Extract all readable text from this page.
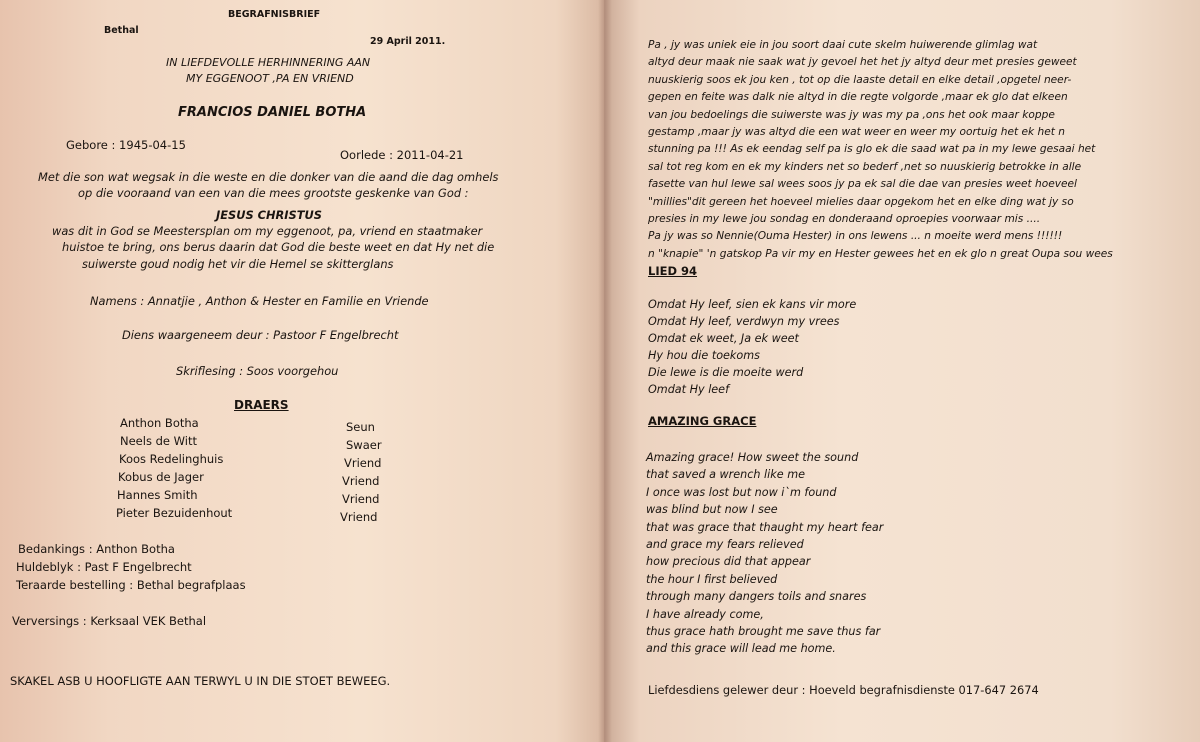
BEGRAFNISBRIEF
Bethal
29 April 2011.
IN LIEFDEVOLLE HERHINNERING AAN
MY EGGENOOT ,PA EN VRIEND
FRANCIOS DANIEL BOTHA
Gebore : 1945-04-15
Oorlede : 2011-04-21
Met die son wat wegsak in die weste en die donker van die aand die dag omhels
op die vooraand van een van die mees grootste geskenke van God :
JESUS CHRISTUS
was dit in God se Meestersplan om my eggenoot, pa, vriend en staatmaker
huistoe te bring, ons berus daarin dat God die beste weet en dat Hy net die
suiwerste goud nodig het vir die Hemel se skitterglans
Namens : Annatjie , Anthon & Hester en Familie en Vriende
Diens waargeneem deur : Pastoor F Engelbrecht
Skriflesing : Soos voorgehou
DRAERS
Anthon Botha	Seun
Neels de Witt	Swaer
Koos Redelinghuis	Vriend
Kobus de Jager	Vriend
Hannes Smith	Vriend
Pieter Bezuidenhout	Vriend
Bedankings : Anthon Botha
Huldeblyk : Past F Engelbrecht
Teraarde bestelling : Bethal begrafplaas
Verversings : Kerksaal VEK Bethal
SKAKEL ASB U HOOFLIGTE AAN TERWYL U IN DIE STOET BEWEEG.
Pa , jy was uniek eie in jou soort daai cute skelm huiwerende glimlag wat
altyd deur maak nie saak wat jy gevoel het het jy altyd deur met presies geweet
nuuskierig soos ek jou ken , tot op die laaste detail en elke detail ,opgetel neer-
gepen en feite was dalk nie altyd in die regte volgorde ,maar ek glo dat elkeen
van jou bedoelings die suiwerste was jy was my pa ,ons het ook maar koppe
gestamp ,maar jy was altyd die een wat weer en weer my oortuig het ek het n
stunning pa !!! As ek eendag self pa is glo ek die saad wat pa in my lewe gesaai het
sal tot reg kom en ek my kinders net so bederf ,net so nuuskierig betrokke in alle
fasette van hul lewe sal wees soos jy pa ek sal die dae van presies weet hoeveel
"millies"dit gereen het hoeveel mielies daar opgekom het en elke ding wat jy so
presies in my lewe jou sondag en donderaand oproepies voorwaar mis ....
Pa jy was so Nennie(Ouma Hester) in ons lewens ... n moeite werd mens !!!!!!
n "knapie" 'n gatskop Pa vir my en Hester gewees het en ek glo n great Oupa sou wees
LIED 94
Omdat Hy leef, sien ek kans vir more
Omdat Hy leef, verdwyn my vrees
Omdat ek weet, Ja ek weet
Hy hou die toekoms
Die lewe is die moeite werd
Omdat Hy leef
AMAZING GRACE
Amazing grace! How sweet the sound
that saved a wrench like me
I once was lost but now i`m found
was blind but now I see
that was grace that thaught my heart fear
and grace my fears relieved
how precious did that appear
the hour I first believed
through many dangers toils and snares
I have already come,
thus grace hath brought me save thus far
and this grace will lead me home.
Liefdesdiens gelewer deur : Hoeveld begrafnisdienste 017-647 2674
